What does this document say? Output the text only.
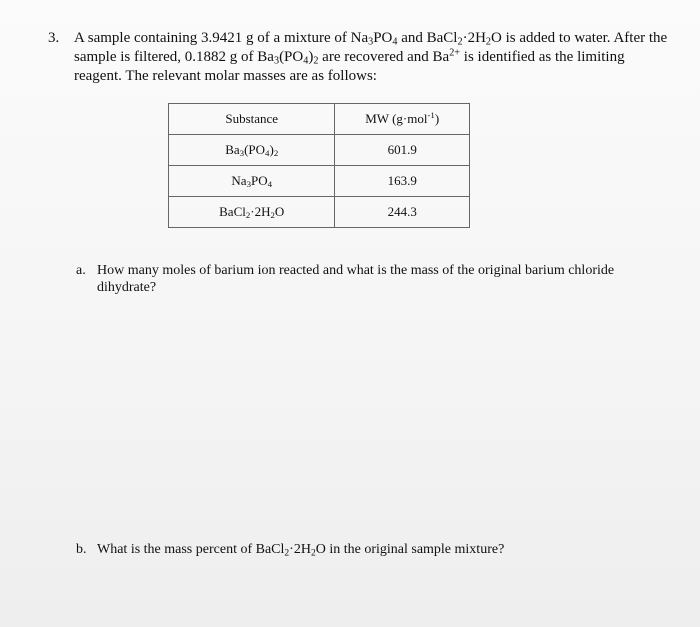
3. A sample containing 3.9421 g of a mixture of $Na_3PO_4$ and $BaCl_2\cdot 2H_2O$ is added to water. After the sample is filtered, 0.1882 g of $Ba_3(PO_4)_2$ are recovered and $Ba^{2+}$ is identified as the limiting reagent. The relevant molar masses are as follows:
Substance	MW (g·mol$^{-1}$)
$Ba_3(PO_4)_2$	601.9
$Na_3PO_4$	163.9
$BaCl_2\cdot 2H_2O$	244.3
a. How many moles of barium ion reacted and what is the mass of the original barium chloride dihydrate?
b. What is the mass percent of $BaCl_2\cdot 2H_2O$ in the original sample mixture?
